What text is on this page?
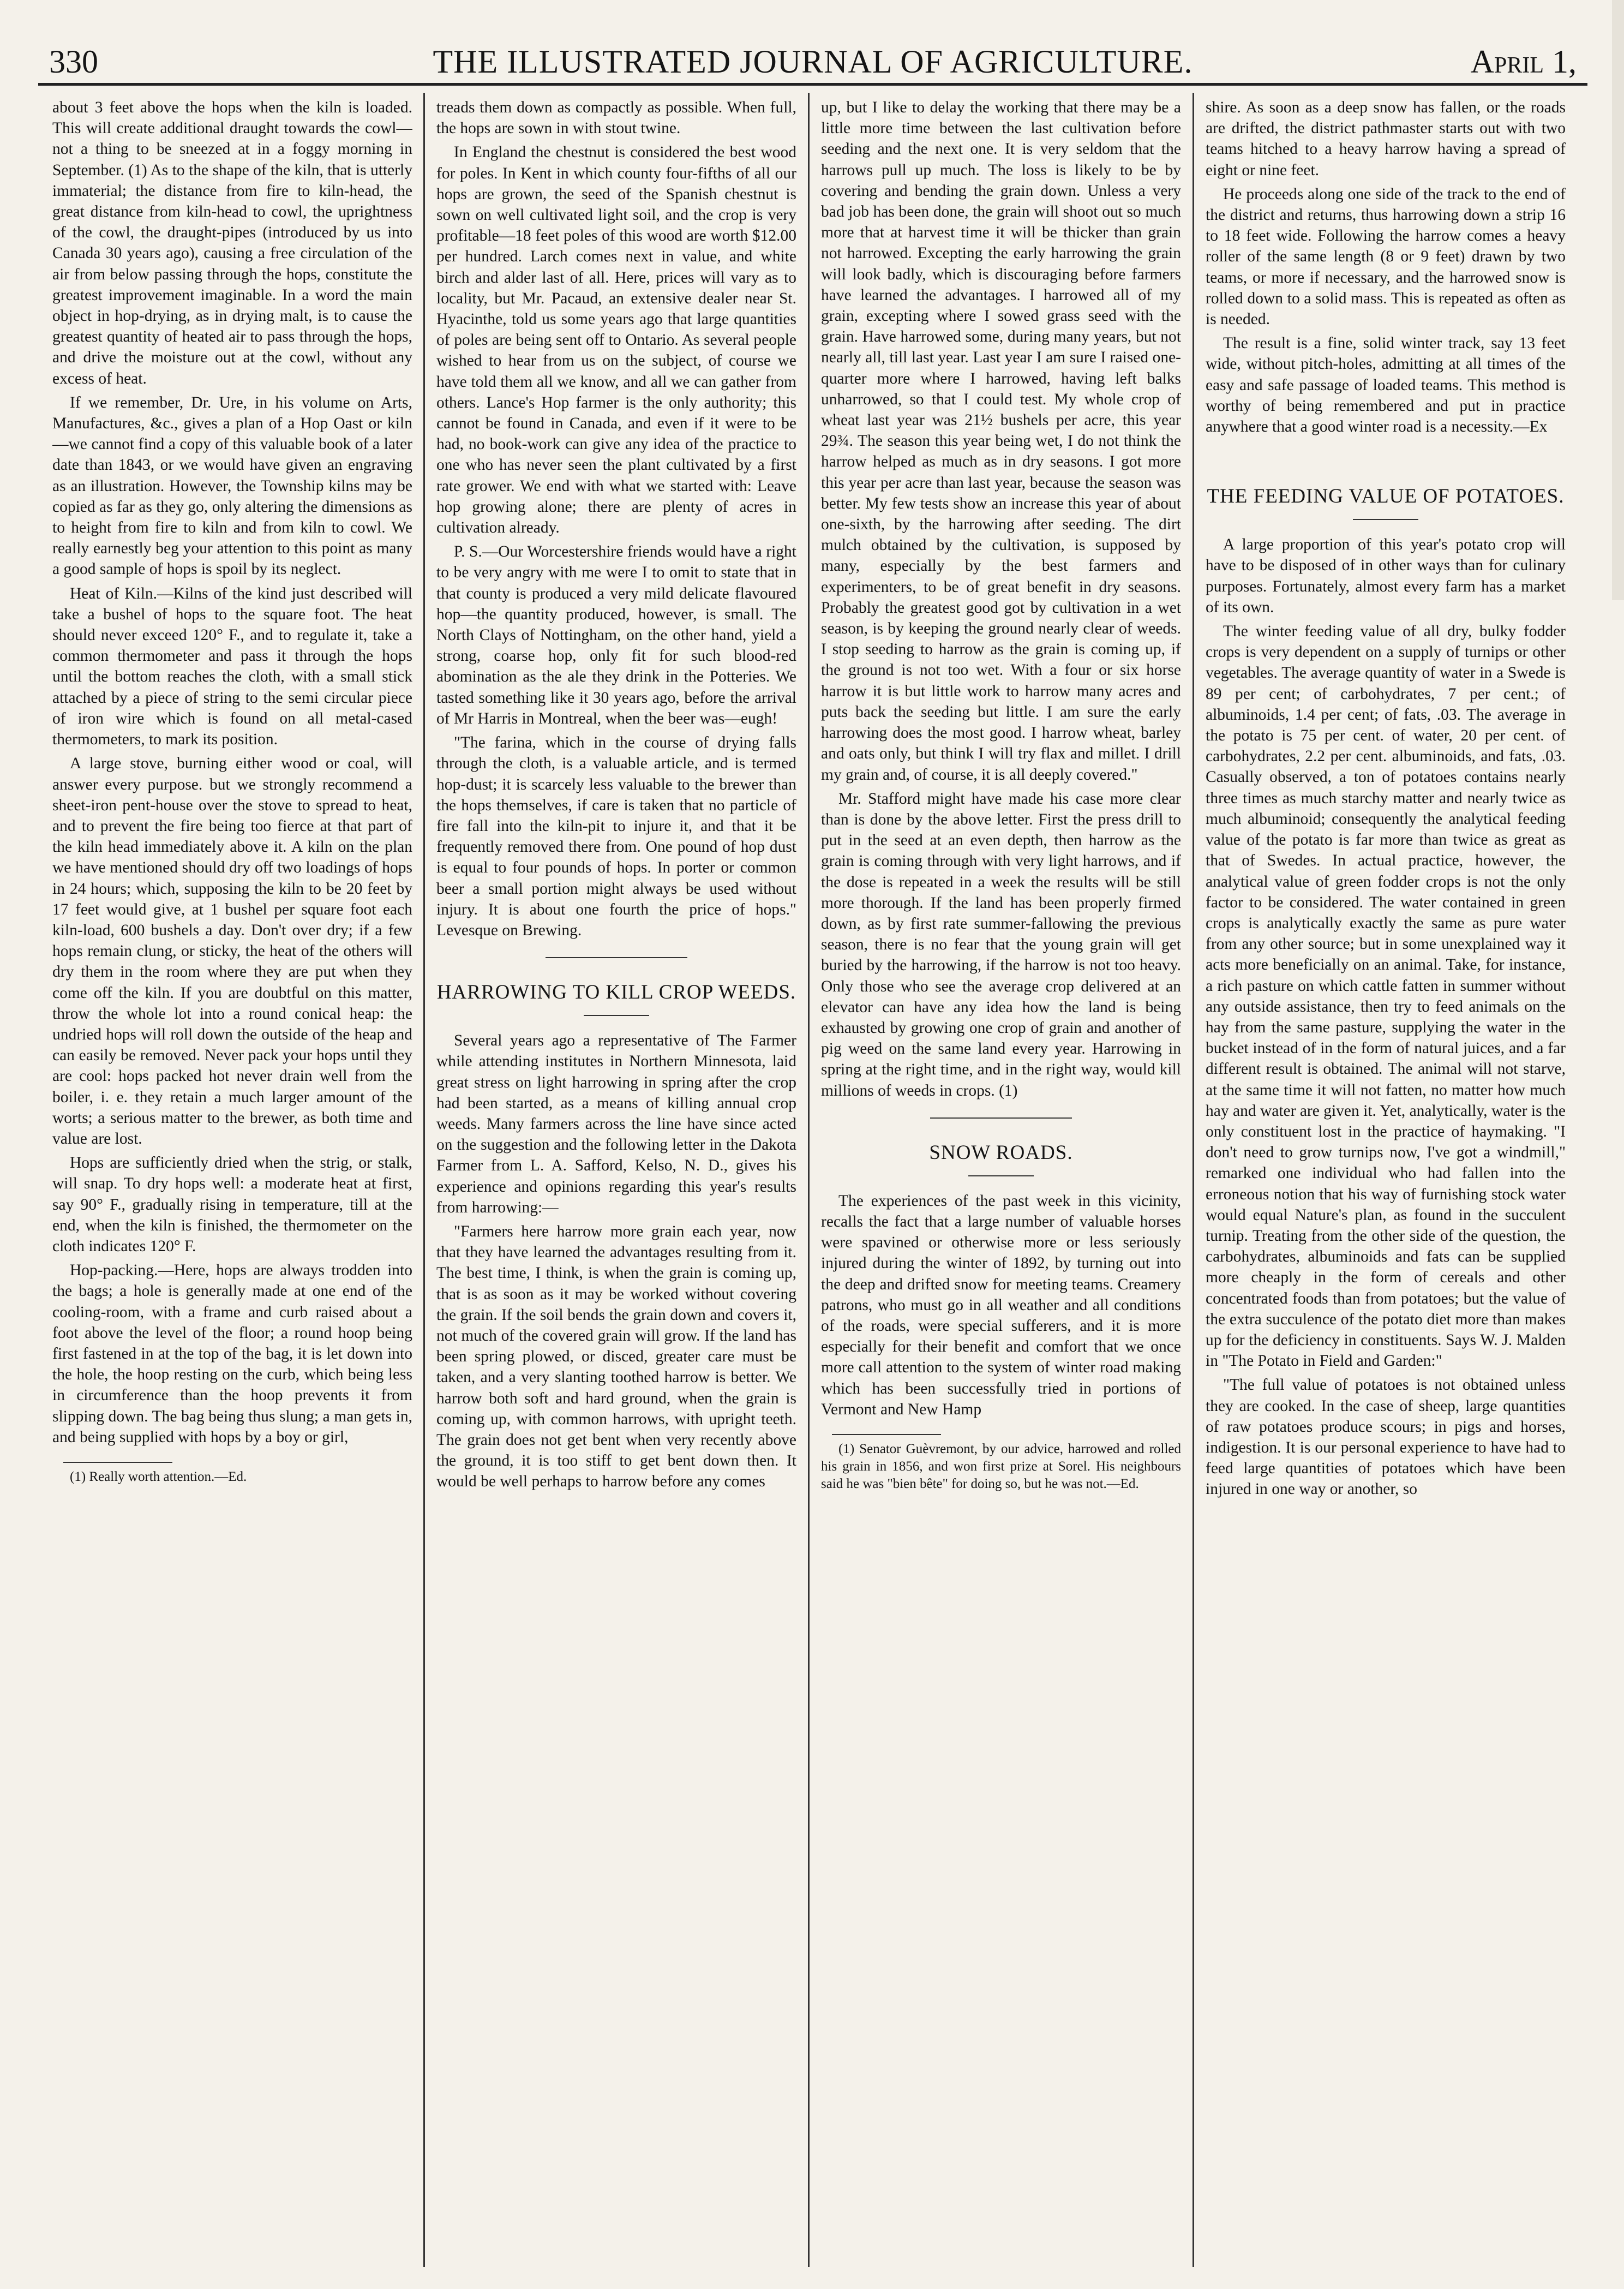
330	THE ILLUSTRATED JOURNAL OF AGRICULTURE.	April 1,

about 3 feet above the hops when the kiln is loaded. This will create additional draught towards the cowl—not a thing to be sneezed at in a foggy morning in September. (1) As to the shape of the kiln, that is utterly immaterial; the distance from fire to kiln-head, the great distance from kiln-head to cowl, the uprightness of the cowl, the draught-pipes (introduced by us into Canada 30 years ago), causing a free circulation of the air from below passing through the hops, constitute the greatest improvement imaginable. In a word the main object in hop-drying, as in drying malt, is to cause the greatest quantity of heated air to pass through the hops, and drive the moisture out at the cowl, without any excess of heat.

If we remember, Dr. Ure, in his volume on Arts, Manufactures, &c., gives a plan of a Hop Oast or kiln—we cannot find a copy of this valuable book of a later date than 1843, or we would have given an engraving as an illustration. However, the Township kilns may be copied as far as they go, only altering the dimensions as to height from fire to kiln and from kiln to cowl. We really earnestly beg your attention to this point as many a good sample of hops is spoil by its neglect.

Heat of Kiln.—Kilns of the kind just described will take a bushel of hops to the square foot. The heat should never exceed 120° F., and to regulate it, take a common thermometer and pass it through the hops until the bottom reaches the cloth, with a small stick attached by a piece of string to the semi circular piece of iron wire which is found on all metal-cased thermometers, to mark its position.

A large stove, burning either wood or coal, will answer every purpose. but we strongly recommend a sheet-iron pent-house over the stove to spread to heat, and to prevent the fire being too fierce at that part of the kiln head immediately above it. A kiln on the plan we have mentioned should dry off two loadings of hops in 24 hours; which, supposing the kiln to be 20 feet by 17 feet would give, at 1 bushel per square foot each kiln-load, 600 bushels a day. Don't over dry; if a few hops remain clung, or sticky, the heat of the others will dry them in the room where they are put when they come off the kiln. If you are doubtful on this matter, throw the whole lot into a round conical heap: the undried hops will roll down the outside of the heap and can easily be removed. Never pack your hops until they are cool: hops packed hot never drain well from the boiler, i. e. they retain a much larger amount of the worts; a serious matter to the brewer, as both time and value are lost.

Hops are sufficiently dried when the strig, or stalk, will snap. To dry hops well: a moderate heat at first, say 90° F., gradually rising in temperature, till at the end, when the kiln is finished, the thermometer on the cloth indicates 120° F.

Hop-packing.—Here, hops are always trodden into the bags; a hole is generally made at one end of the cooling-room, with a frame and curb raised about a foot above the level of the floor; a round hoop being first fastened in at the top of the bag, it is let down into the hole, the hoop resting on the curb, which being less in circumference than the hoop prevents it from slipping down. The bag being thus slung; a man gets in, and being supplied with hops by a boy or girl,

(1) Really worth attention.—Ed.

treads them down as compactly as possible. When full, the hops are sown in with stout twine.

In England the chestnut is considered the best wood for poles. In Kent in which county four-fifths of all our hops are grown, the seed of the Spanish chestnut is sown on well cultivated light soil, and the crop is very profitable—18 feet poles of this wood are worth $12.00 per hundred. Larch comes next in value, and white birch and alder last of all. Here, prices will vary as to locality, but Mr. Pacaud, an extensive dealer near St. Hyacinthe, told us some years ago that large quantities of poles are being sent off to Ontario. As several people wished to hear from us on the subject, of course we have told them all we know, and all we can gather from others. Lance's Hop farmer is the only authority; this cannot be found in Canada, and even if it were to be had, no book-work can give any idea of the practice to one who has never seen the plant cultivated by a first rate grower. We end with what we started with: Leave hop growing alone; there are plenty of acres in cultivation already.

P. S.—Our Worcestershire friends would have a right to be very angry with me were I to omit to state that in that county is produced a very mild delicate flavoured hop—the quantity produced, however, is small. The North Clays of Nottingham, on the other hand, yield a strong, coarse hop, only fit for such blood-red abomination as the ale they drink in the Potteries. We tasted something like it 30 years ago, before the arrival of Mr Harris in Montreal, when the beer was—eugh!

"The farina, which in the course of drying falls through the cloth, is a valuable article, and is termed hop-dust; it is scarcely less valuable to the brewer than the hops themselves, if care is taken that no particle of fire fall into the kiln-pit to injure it, and that it be frequently removed there from. One pound of hop dust is equal to four pounds of hops. In porter or common beer a small portion might always be used without injury. It is about one fourth the price of hops." Levesque on Brewing.

HARROWING TO KILL CROP WEEDS.

Several years ago a representative of The Farmer while attending institutes in Northern Minnesota, laid great stress on light harrowing in spring after the crop had been started, as a means of killing annual crop weeds. Many farmers across the line have since acted on the suggestion and the following letter in the Dakota Farmer from L. A. Safford, Kelso, N. D., gives his experience and opinions regarding this year's results from harrowing:—

"Farmers here harrow more grain each year, now that they have learned the advantages resulting from it. The best time, I think, is when the grain is coming up, that is as soon as it may be worked without covering the grain. If the soil bends the grain down and covers it, not much of the covered grain will grow. If the land has been spring plowed, or disced, greater care must be taken, and a very slanting toothed harrow is better. We harrow both soft and hard ground, when the grain is coming up, with common harrows, with upright teeth. The grain does not get bent when very recently above the ground, it is too stiff to get bent down then. It would be well perhaps to harrow before any comes

up, but I like to delay the working that there may be a little more time between the last cultivation before seeding and the next one. It is very seldom that the harrows pull up much. The loss is likely to be by covering and bending the grain down. Unless a very bad job has been done, the grain will shoot out so much more that at harvest time it will be thicker than grain not harrowed. Excepting the early harrowing the grain will look badly, which is discouraging before farmers have learned the advantages. I harrowed all of my grain, excepting where I sowed grass seed with the grain. Have harrowed some, during many years, but not nearly all, till last year. Last year I am sure I raised one-quarter more where I harrowed, having left balks unharrowed, so that I could test. My whole crop of wheat last year was 21½ bushels per acre, this year 29¾. The season this year being wet, I do not think the harrow helped as much as in dry seasons. I got more this year per acre than last year, because the season was better. My few tests show an increase this year of about one-sixth, by the harrowing after seeding. The dirt mulch obtained by the cultivation, is supposed by many, especially by the best farmers and experimenters, to be of great benefit in dry seasons. Probably the greatest good got by cultivation in a wet season, is by keeping the ground nearly clear of weeds. I stop seeding to harrow as the grain is coming up, if the ground is not too wet. With a four or six horse harrow it is but little work to harrow many acres and puts back the seeding but little. I am sure the early harrowing does the most good. I harrow wheat, barley and oats only, but think I will try flax and millet. I drill my grain and, of course, it is all deeply covered."

Mr. Stafford might have made his case more clear than is done by the above letter. First the press drill to put in the seed at an even depth, then harrow as the grain is coming through with very light harrows, and if the dose is repeated in a week the results will be still more thorough. If the land has been properly firmed down, as by first rate summer-fallowing the previous season, there is no fear that the young grain will get buried by the harrowing, if the harrow is not too heavy. Only those who see the average crop delivered at an elevator can have any idea how the land is being exhausted by growing one crop of grain and another of pig weed on the same land every year. Harrowing in spring at the right time, and in the right way, would kill millions of weeds in crops. (1)

SNOW ROADS.

The experiences of the past week in this vicinity, recalls the fact that a large number of valuable horses were spavined or otherwise more or less seriously injured during the winter of 1892, by turning out into the deep and drifted snow for meeting teams. Creamery patrons, who must go in all weather and all conditions of the roads, were special sufferers, and it is more especially for their benefit and comfort that we once more call attention to the system of winter road making which has been successfully tried in portions of Vermont and New Hamp

(1) Senator Guèvremont, by our advice, harrowed and rolled his grain in 1856, and won first prize at Sorel. His neighbours said he was "bien bête" for doing so, but he was not.—Ed.

shire. As soon as a deep snow has fallen, or the roads are drifted, the district pathmaster starts out with two teams hitched to a heavy harrow having a spread of eight or nine feet.

He proceeds along one side of the track to the end of the district and returns, thus harrowing down a strip 16 to 18 feet wide. Following the harrow comes a heavy roller of the same length (8 or 9 feet) drawn by two teams, or more if necessary, and the harrowed snow is rolled down to a solid mass. This is repeated as often as is needed.

The result is a fine, solid winter track, say 13 feet wide, without pitch-holes, admitting at all times of the easy and safe passage of loaded teams. This method is worthy of being remembered and put in practice anywhere that a good winter road is a necessity.—Ex

THE FEEDING VALUE OF POTATOES.

A large proportion of this year's potato crop will have to be disposed of in other ways than for culinary purposes. Fortunately, almost every farm has a market of its own.

The winter feeding value of all dry, bulky fodder crops is very dependent on a supply of turnips or other vegetables. The average quantity of water in a Swede is 89 per cent; of carbohydrates, 7 per cent.; of albuminoids, 1.4 per cent; of fats, .03. The average in the potato is 75 per cent. of water, 20 per cent. of carbohydrates, 2.2 per cent. albuminoids, and fats, .03. Casually observed, a ton of potatoes contains nearly three times as much starchy matter and nearly twice as much albuminoid; consequently the analytical feeding value of the potato is far more than twice as great as that of Swedes. In actual practice, however, the analytical value of green fodder crops is not the only factor to be considered. The water contained in green crops is analytically exactly the same as pure water from any other source; but in some unexplained way it acts more beneficially on an animal. Take, for instance, a rich pasture on which cattle fatten in summer without any outside assistance, then try to feed animals on the hay from the same pasture, supplying the water in the bucket instead of in the form of natural juices, and a far different result is obtained. The animal will not starve, at the same time it will not fatten, no matter how much hay and water are given it. Yet, analytically, water is the only constituent lost in the practice of haymaking. "I don't need to grow turnips now, I've got a windmill," remarked one individual who had fallen into the erroneous notion that his way of furnishing stock water would equal Nature's plan, as found in the succulent turnip. Treating from the other side of the question, the carbohydrates, albuminoids and fats can be supplied more cheaply in the form of cereals and other concentrated foods than from potatoes; but the value of the extra succulence of the potato diet more than makes up for the deficiency in constituents. Says W. J. Malden in "The Potato in Field and Garden:"

"The full value of potatoes is not obtained unless they are cooked. In the case of sheep, large quantities of raw potatoes produce scours; in pigs and horses, indigestion. It is our personal experience to have had to feed large quantities of potatoes which have been injured in one way or another, so
